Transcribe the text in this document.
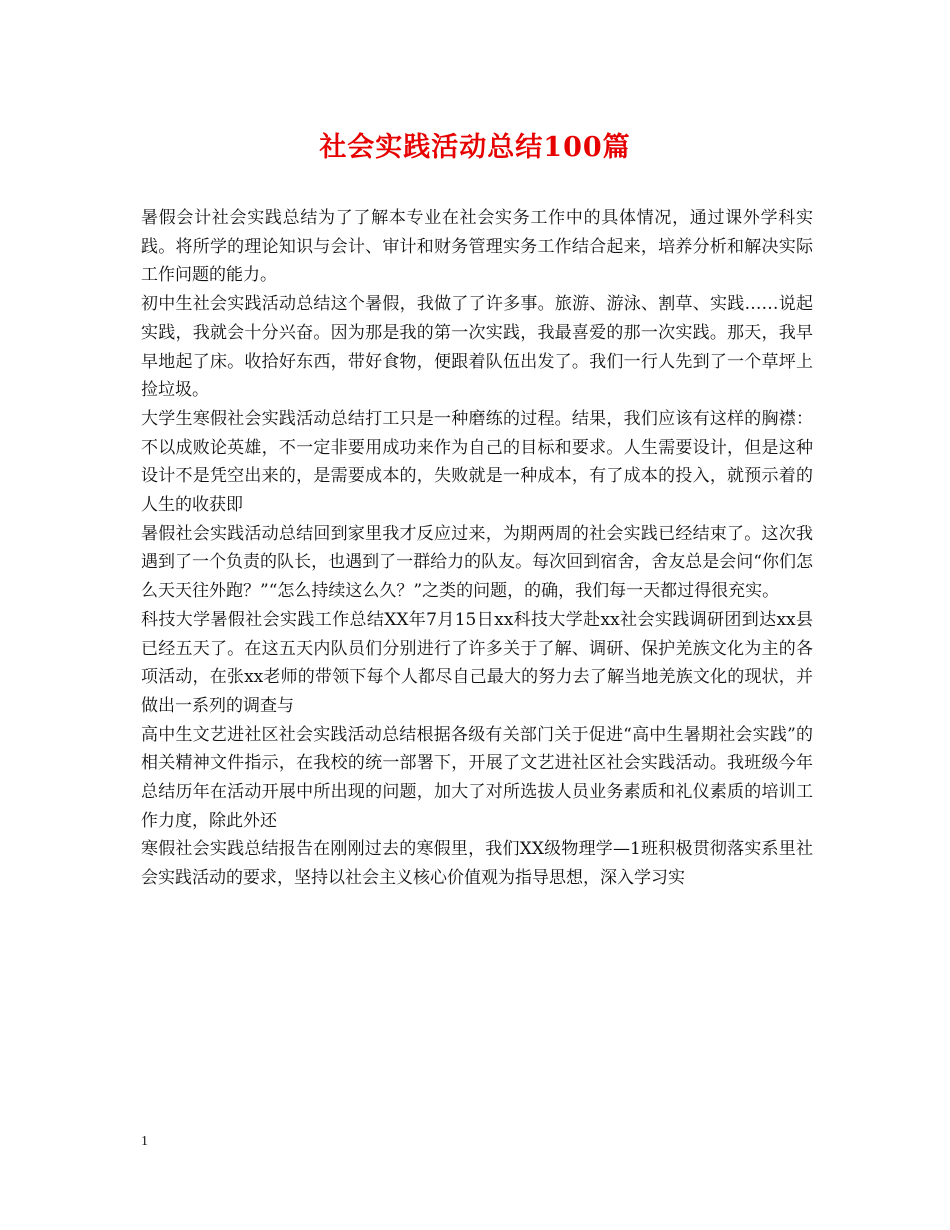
社会实践活动总结100篇

暑假会计社会实践总结为了了解本专业在社会实务工作中的具体情况，通过课外学科实践。将所学的理论知识与会计、审计和财务管理实务工作结合起来，培养分析和解决实际工作问题的能力。

初中生社会实践活动总结这个暑假，我做了了许多事。旅游、游泳、割草、实践……说起实践，我就会十分兴奋。因为那是我的第一次实践，我最喜爱的那一次实践。那天，我早早地起了床。收拾好东西，带好食物，便跟着队伍出发了。我们一行人先到了一个草坪上捡垃圾。

大学生寒假社会实践活动总结打工只是一种磨练的过程。结果，我们应该有这样的胸襟：不以成败论英雄，不一定非要用成功来作为自己的目标和要求。人生需要设计，但是这种设计不是凭空出来的，是需要成本的，失败就是一种成本，有了成本的投入，就预示着的人生的收获即

暑假社会实践活动总结回到家里我才反应过来，为期两周的社会实践已经结束了。这次我遇到了一个负责的队长，也遇到了一群给力的队友。每次回到宿舍，舍友总是会问“你们怎么天天往外跑？”“怎么持续这么久？”之类的问题，的确，我们每一天都过得很充实。

科技大学暑假社会实践工作总结XX年7月15日xx科技大学赴xx社会实践调研团到达xx县已经五天了。在这五天内队员们分别进行了许多关于了解、调研、保护羌族文化为主的各项活动，在张xx老师的带领下每个人都尽自己最大的努力去了解当地羌族文化的现状，并做出一系列的调查与

高中生文艺进社区社会实践活动总结根据各级有关部门关于促进“高中生暑期社会实践”的相关精神文件指示，在我校的统一部署下，开展了文艺进社区社会实践活动。我班级今年总结历年在活动开展中所出现的问题，加大了对所选拔人员业务素质和礼仪素质的培训工作力度，除此外还

寒假社会实践总结报告在刚刚过去的寒假里，我们XX级物理学—1班积极贯彻落实系里社会实践活动的要求，坚持以社会主义核心价值观为指导思想，深入学习实

1
